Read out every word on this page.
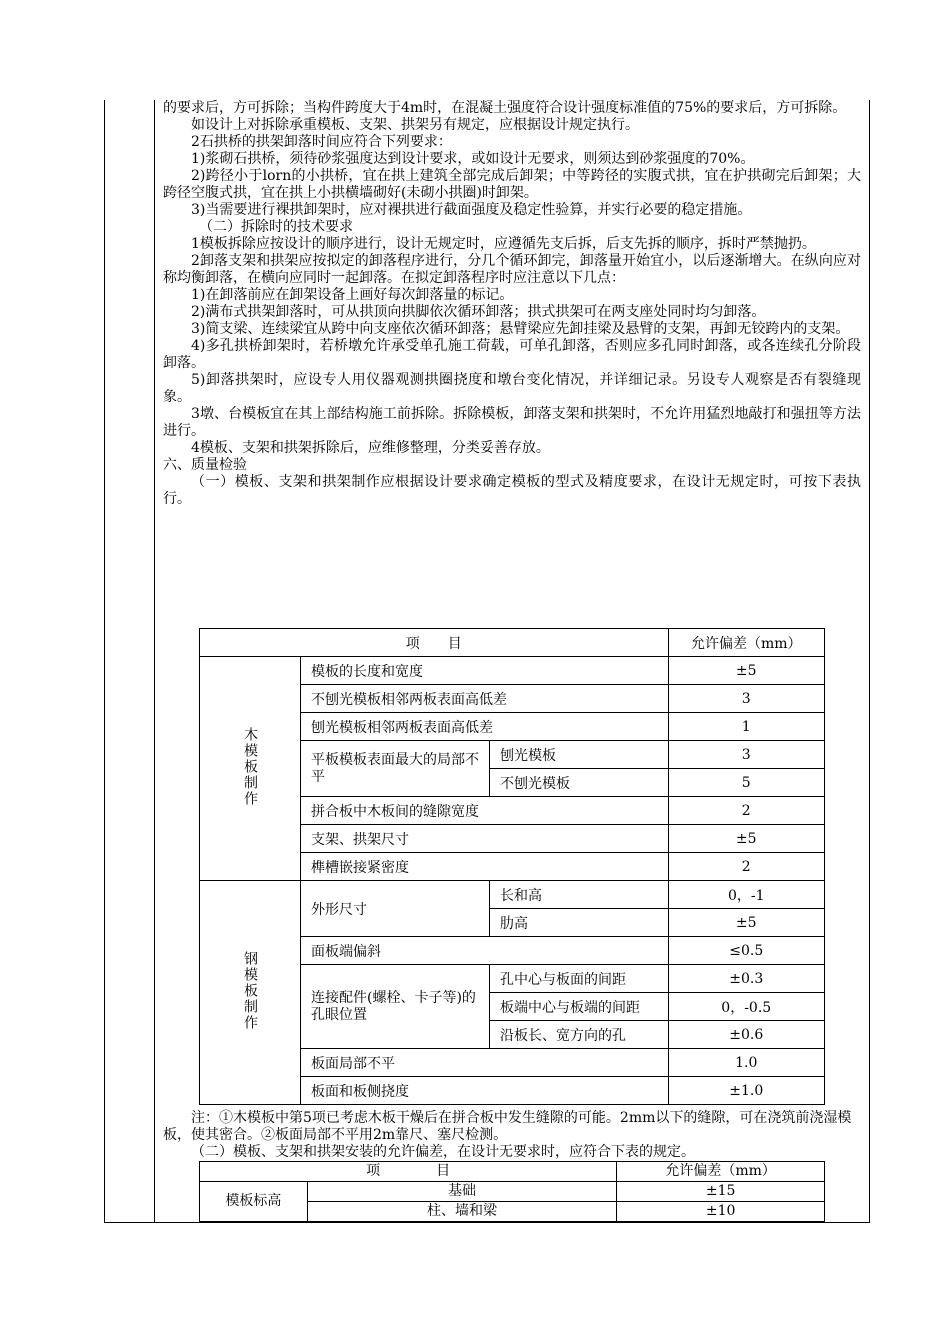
的要求后，方可拆除；当构件跨度大于4m时，在混凝土强度符合设计强度标准值的75%的要求后，方可拆除。

如设计上对拆除承重模板、支架、拱架另有规定，应根据设计规定执行。

2石拱桥的拱架卸落时间应符合下列要求：

1)浆砌石拱桥，须待砂浆强度达到设计要求，或如设计无要求，则须达到砂浆强度的70%。

2)跨径小于lorn的小拱桥，宜在拱上建筑全部完成后卸架；中等跨径的实腹式拱，宜在护拱砌完后卸架；大跨径空腹式拱，宜在拱上小拱横墙砌好(未砌小拱圈)时卸架。

3)当需要进行裸拱卸架时，应对裸拱进行截面强度及稳定性验算，并实行必要的稳定措施。

（二）拆除时的技术要求

1模板拆除应按设计的顺序进行，设计无规定时，应遵循先支后拆，后支先拆的顺序，拆时严禁抛扔。

2卸落支架和拱架应按拟定的卸落程序进行，分几个循环卸完，卸落量开始宜小，以后逐渐增大。在纵向应对称均衡卸落，在横向应同时一起卸落。在拟定卸落程序时应注意以下几点：

1)在卸落前应在卸架设备上画好每次卸落量的标记。

2)满布式拱架卸落时，可从拱顶向拱脚依次循环卸落；拱式拱架可在两支座处同时均匀卸落。

3)简支梁、连续梁宜从跨中向支座依次循环卸落；悬臂梁应先卸挂梁及悬臂的支架，再卸无铰跨内的支架。

4)多孔拱桥卸架时，若桥墩允许承受单孔施工荷载，可单孔卸落，否则应多孔同时卸落，或各连续孔分阶段卸落。

5)卸落拱架时，应设专人用仪器观测拱圈挠度和墩台变化情况，并详细记录。另设专人观察是否有裂缝现象。

3墩、台模板宜在其上部结构施工前拆除。拆除模板，卸落支架和拱架时，不允许用猛烈地敲打和强扭等方法进行。

4模板、支架和拱架拆除后，应维修整理，分类妥善存放。

六、质量检验

（一）模板、支架和拱架制作应根据设计要求确定模板的型式及精度要求，在设计无规定时，可按下表执行。

项　　目			允许偏差（mm）
木模板制作	模板的长度和宽度		±5
	不刨光模板相邻两板表面高低差		3
	刨光模板相邻两板表面高低差		1
	平板模板表面最大的局部不平	刨光模板	3
		不刨光模板	5
	拼合板中木板间的缝隙宽度		2
	支架、拱架尺寸		±5
	榫槽嵌接紧密度		2
钢模板制作	外形尺寸	长和高	0，-1
		肋高	±5
	面板端偏斜		≤0.5
	连接配件(螺栓、卡子等)的孔眼位置	孔中心与板面的间距	±0.3
		板端中心与板端的间距	0，-0.5
		沿板长、宽方向的孔	±0.6
	板面局部不平		1.0
	板面和板侧挠度		±1.0

注：①木模板中第5项已考虑木板干燥后在拼合板中发生缝隙的可能。2mm以下的缝隙，可在浇筑前浇湿模板，使其密合。②板面局部不平用2m靠尺、塞尺检测。

（二）模板、支架和拱架安装的允许偏差，在设计无要求时，应符合下表的规定。

项　　　　目		允许偏差（mm）
模板标高	基础	±15
	柱、墙和梁	±10
